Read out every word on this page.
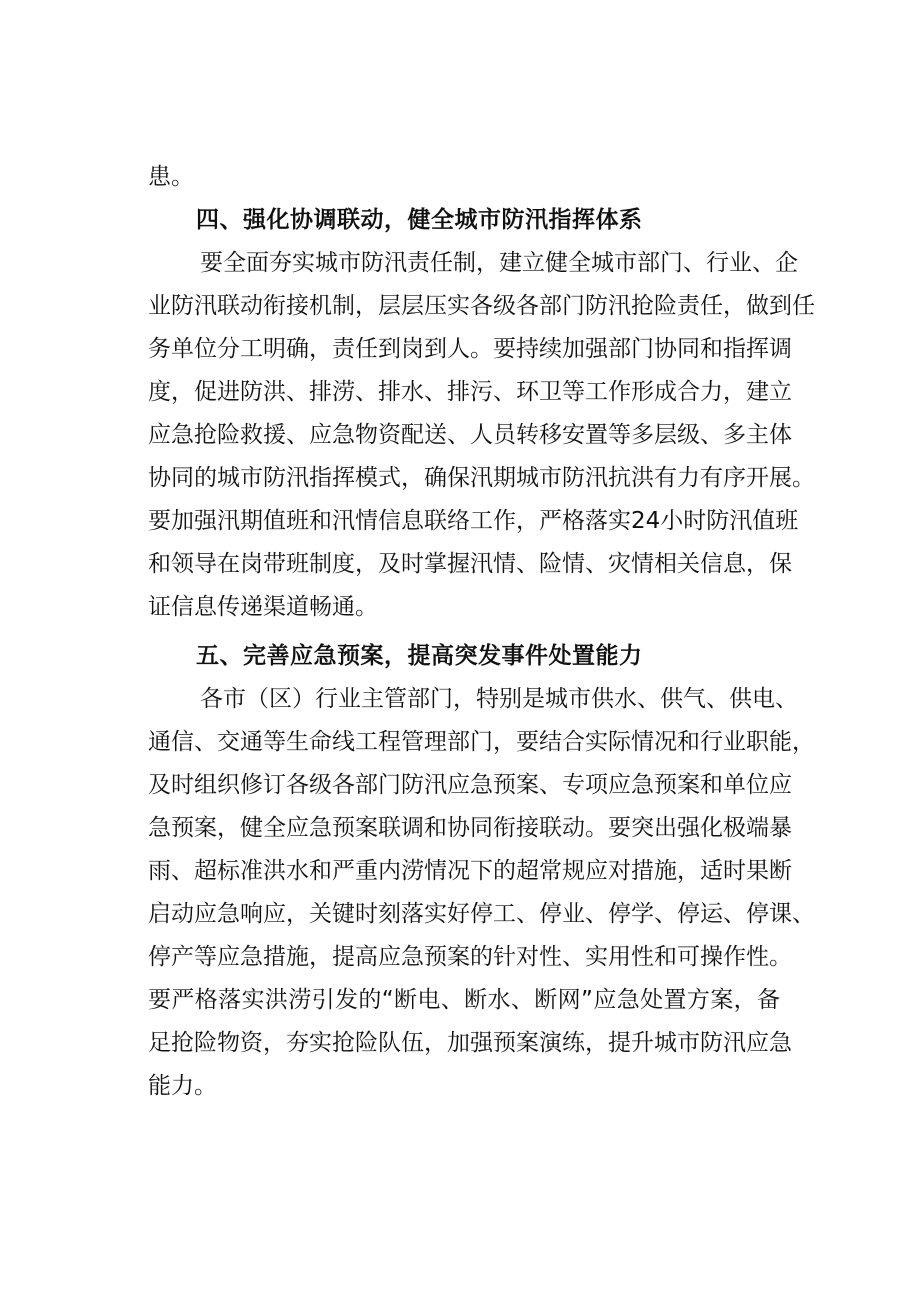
患。
四、强化协调联动，健全城市防汛指挥体系
要全面夯实城市防汛责任制，建立健全城市部门、行业、企
业防汛联动衔接机制，层层压实各级各部门防汛抢险责任，做到任
务单位分工明确，责任到岗到人。要持续加强部门协同和指挥调
度，促进防洪、排涝、排水、排污、环卫等工作形成合力，建立
应急抢险救援、应急物资配送、人员转移安置等多层级、多主体
协同的城市防汛指挥模式，确保汛期城市防汛抗洪有力有序开展。
要加强汛期值班和汛情信息联络工作，严格落实24小时防汛值班
和领导在岗带班制度，及时掌握汛情、险情、灾情相关信息，保
证信息传递渠道畅通。
五、完善应急预案，提高突发事件处置能力
各市（区）行业主管部门，特别是城市供水、供气、供电、
通信、交通等生命线工程管理部门，要结合实际情况和行业职能，
及时组织修订各级各部门防汛应急预案、专项应急预案和单位应
急预案，健全应急预案联调和协同衔接联动。要突出强化极端暴
雨、超标准洪水和严重内涝情况下的超常规应对措施，适时果断
启动应急响应，关键时刻落实好停工、停业、停学、停运、停课、
停产等应急措施，提高应急预案的针对性、实用性和可操作性。
要严格落实洪涝引发的“断电、断水、断网”应急处置方案，备
足抢险物资，夯实抢险队伍，加强预案演练，提升城市防汛应急
能力。
